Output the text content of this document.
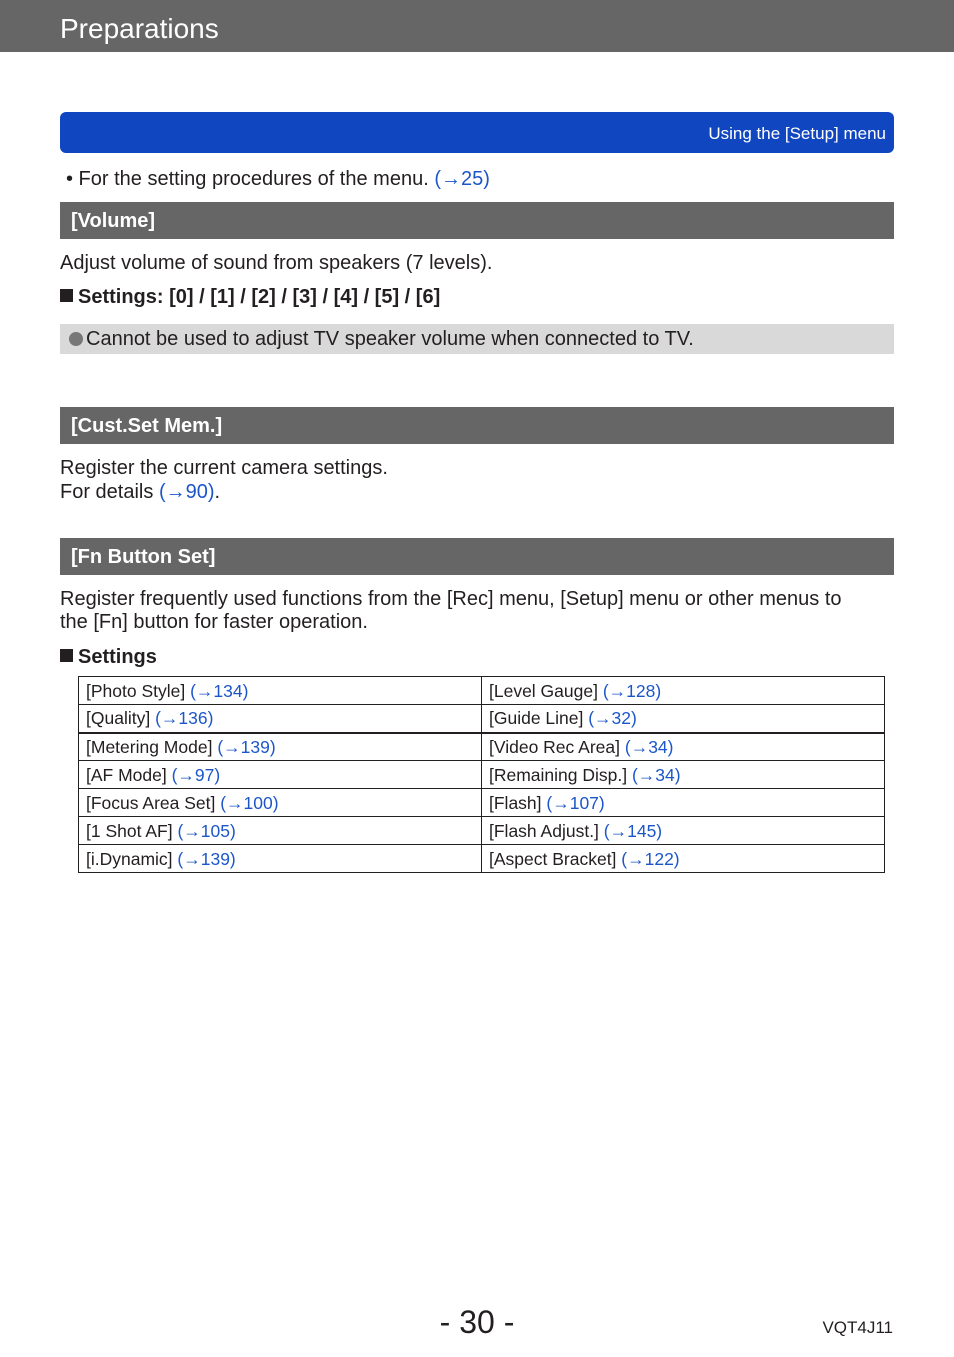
Preparations
Using the [Setup] menu
• For the setting procedures of the menu. (→25)
[Volume]
Adjust volume of sound from speakers (7 levels).
Settings: [0] / [1] / [2] / [3] / [4] / [5] / [6]
Cannot be used to adjust TV speaker volume when connected to TV.
[Cust.Set Mem.]
Register the current camera settings.
For details (→90).
[Fn Button Set]
Register frequently used functions from the [Rec] menu, [Setup] menu or other menus to
the [Fn] button for faster operation.
Settings
[Photo Style] (→134)	[Level Gauge] (→128)
[Quality] (→136)	[Guide Line] (→32)
[Metering Mode] (→139)	[Video Rec Area] (→34)
[AF Mode] (→97)	[Remaining Disp.] (→34)
[Focus Area Set] (→100)	[Flash] (→107)
[1 Shot AF] (→105)	[Flash Adjust.] (→145)
[i.Dynamic] (→139)	[Aspect Bracket] (→122)
- 30 -	VQT4J11
